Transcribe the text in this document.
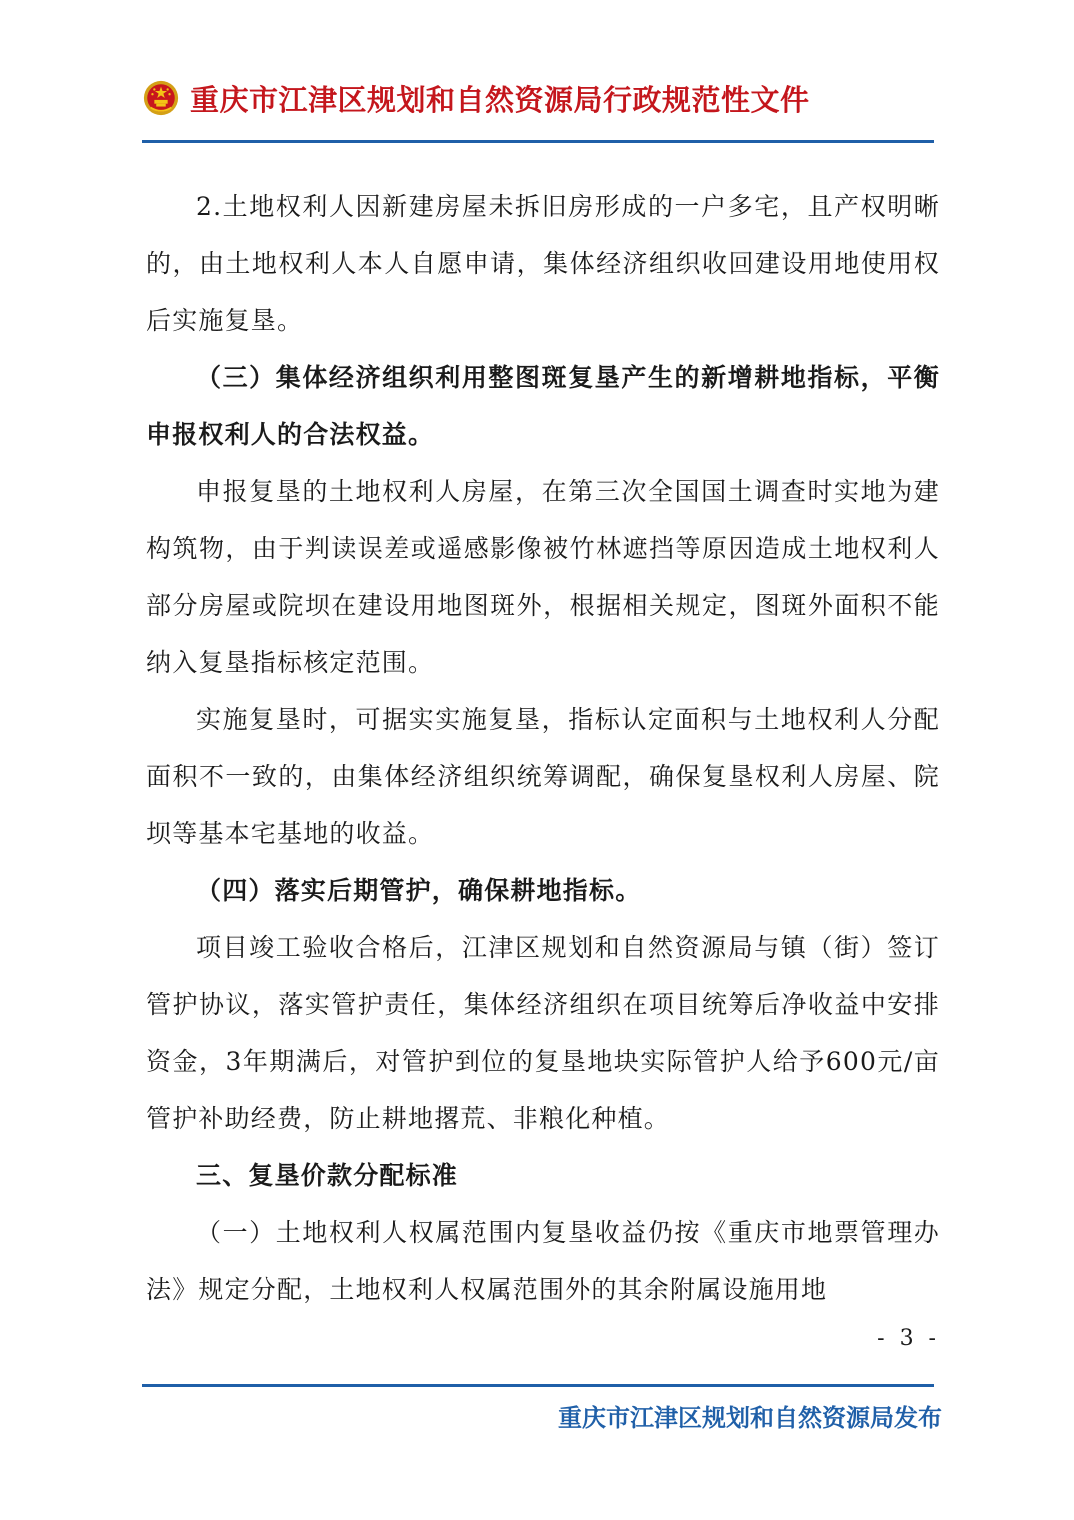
重庆市江津区规划和自然资源局行政规范性文件

2.土地权利人因新建房屋未拆旧房形成的一户多宅，且产权明晰的，由土地权利人本人自愿申请，集体经济组织收回建设用地使用权后实施复垦。

（三）集体经济组织利用整图斑复垦产生的新增耕地指标，平衡申报权利人的合法权益。

申报复垦的土地权利人房屋，在第三次全国国土调查时实地为建构筑物，由于判读误差或遥感影像被竹林遮挡等原因造成土地权利人部分房屋或院坝在建设用地图斑外，根据相关规定，图斑外面积不能纳入复垦指标核定范围。

实施复垦时，可据实实施复垦，指标认定面积与土地权利人分配面积不一致的，由集体经济组织统筹调配，确保复垦权利人房屋、院坝等基本宅基地的收益。

（四）落实后期管护，确保耕地指标。

项目竣工验收合格后，江津区规划和自然资源局与镇（街）签订管护协议，落实管护责任，集体经济组织在项目统筹后净收益中安排资金，3年期满后，对管护到位的复垦地块实际管护人给予600元/亩管护补助经费，防止耕地撂荒、非粮化种植。

三、复垦价款分配标准

（一）土地权利人权属范围内复垦收益仍按《重庆市地票管理办法》规定分配，土地权利人权属范围外的其余附属设施用地

- 3 -
重庆市江津区规划和自然资源局发布
